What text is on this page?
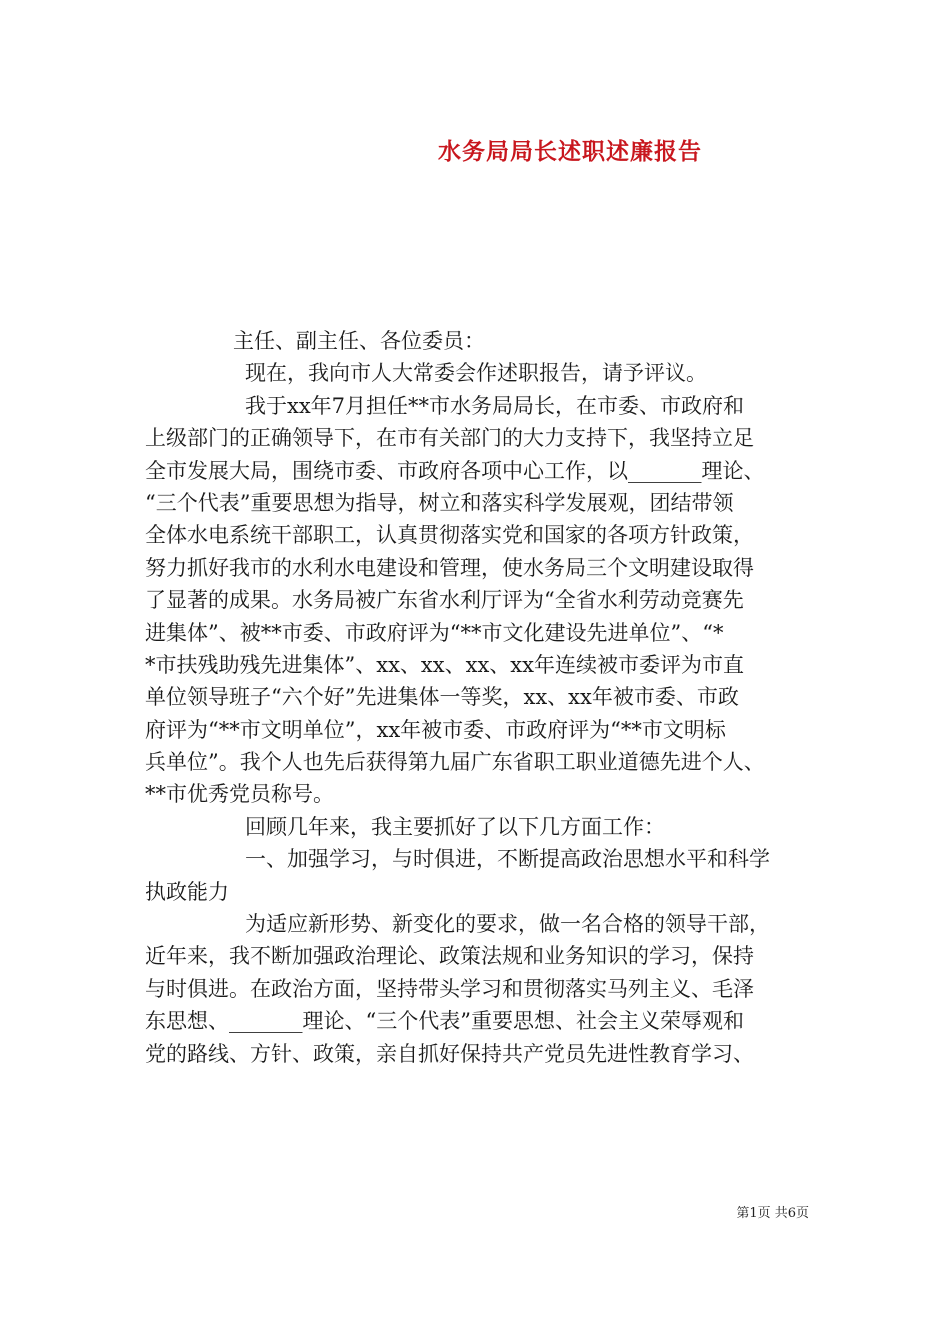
水务局局长述职述廉报告
主任、副主任、各位委员：
现在，我向市人大常委会作述职报告，请予评议。
我于xx年7月担任**市水务局局长，在市委、市政府和
上级部门的正确领导下，在市有关部门的大力支持下，我坚持立足
全市发展大局，围绕市委、市政府各项中心工作，以_______理论、
“三个代表”重要思想为指导，树立和落实科学发展观，团结带领
全体水电系统干部职工，认真贯彻落实党和国家的各项方针政策，
努力抓好我市的水利水电建设和管理，使水务局三个文明建设取得
了显著的成果。水务局被广东省水利厅评为“全省水利劳动竞赛先
进集体”、被**市委、市政府评为“**市文化建设先进单位”、“*
*市扶残助残先进集体”、xx、xx、xx、xx年连续被市委评为市直
单位领导班子“六个好”先进集体一等奖，xx、xx年被市委、市政
府评为“**市文明单位”，xx年被市委、市政府评为“**市文明标
兵单位”。我个人也先后获得第九届广东省职工职业道德先进个人、
**市优秀党员称号。
回顾几年来，我主要抓好了以下几方面工作：
一、加强学习，与时俱进，不断提高政治思想水平和科学
执政能力
为适应新形势、新变化的要求，做一名合格的领导干部，
近年来，我不断加强政治理论、政策法规和业务知识的学习，保持
与时俱进。在政治方面，坚持带头学习和贯彻落实马列主义、毛泽
东思想、_______理论、“三个代表”重要思想、社会主义荣辱观和
党的路线、方针、政策，亲自抓好保持共产党员先进性教育学习、
第1页 共6页
